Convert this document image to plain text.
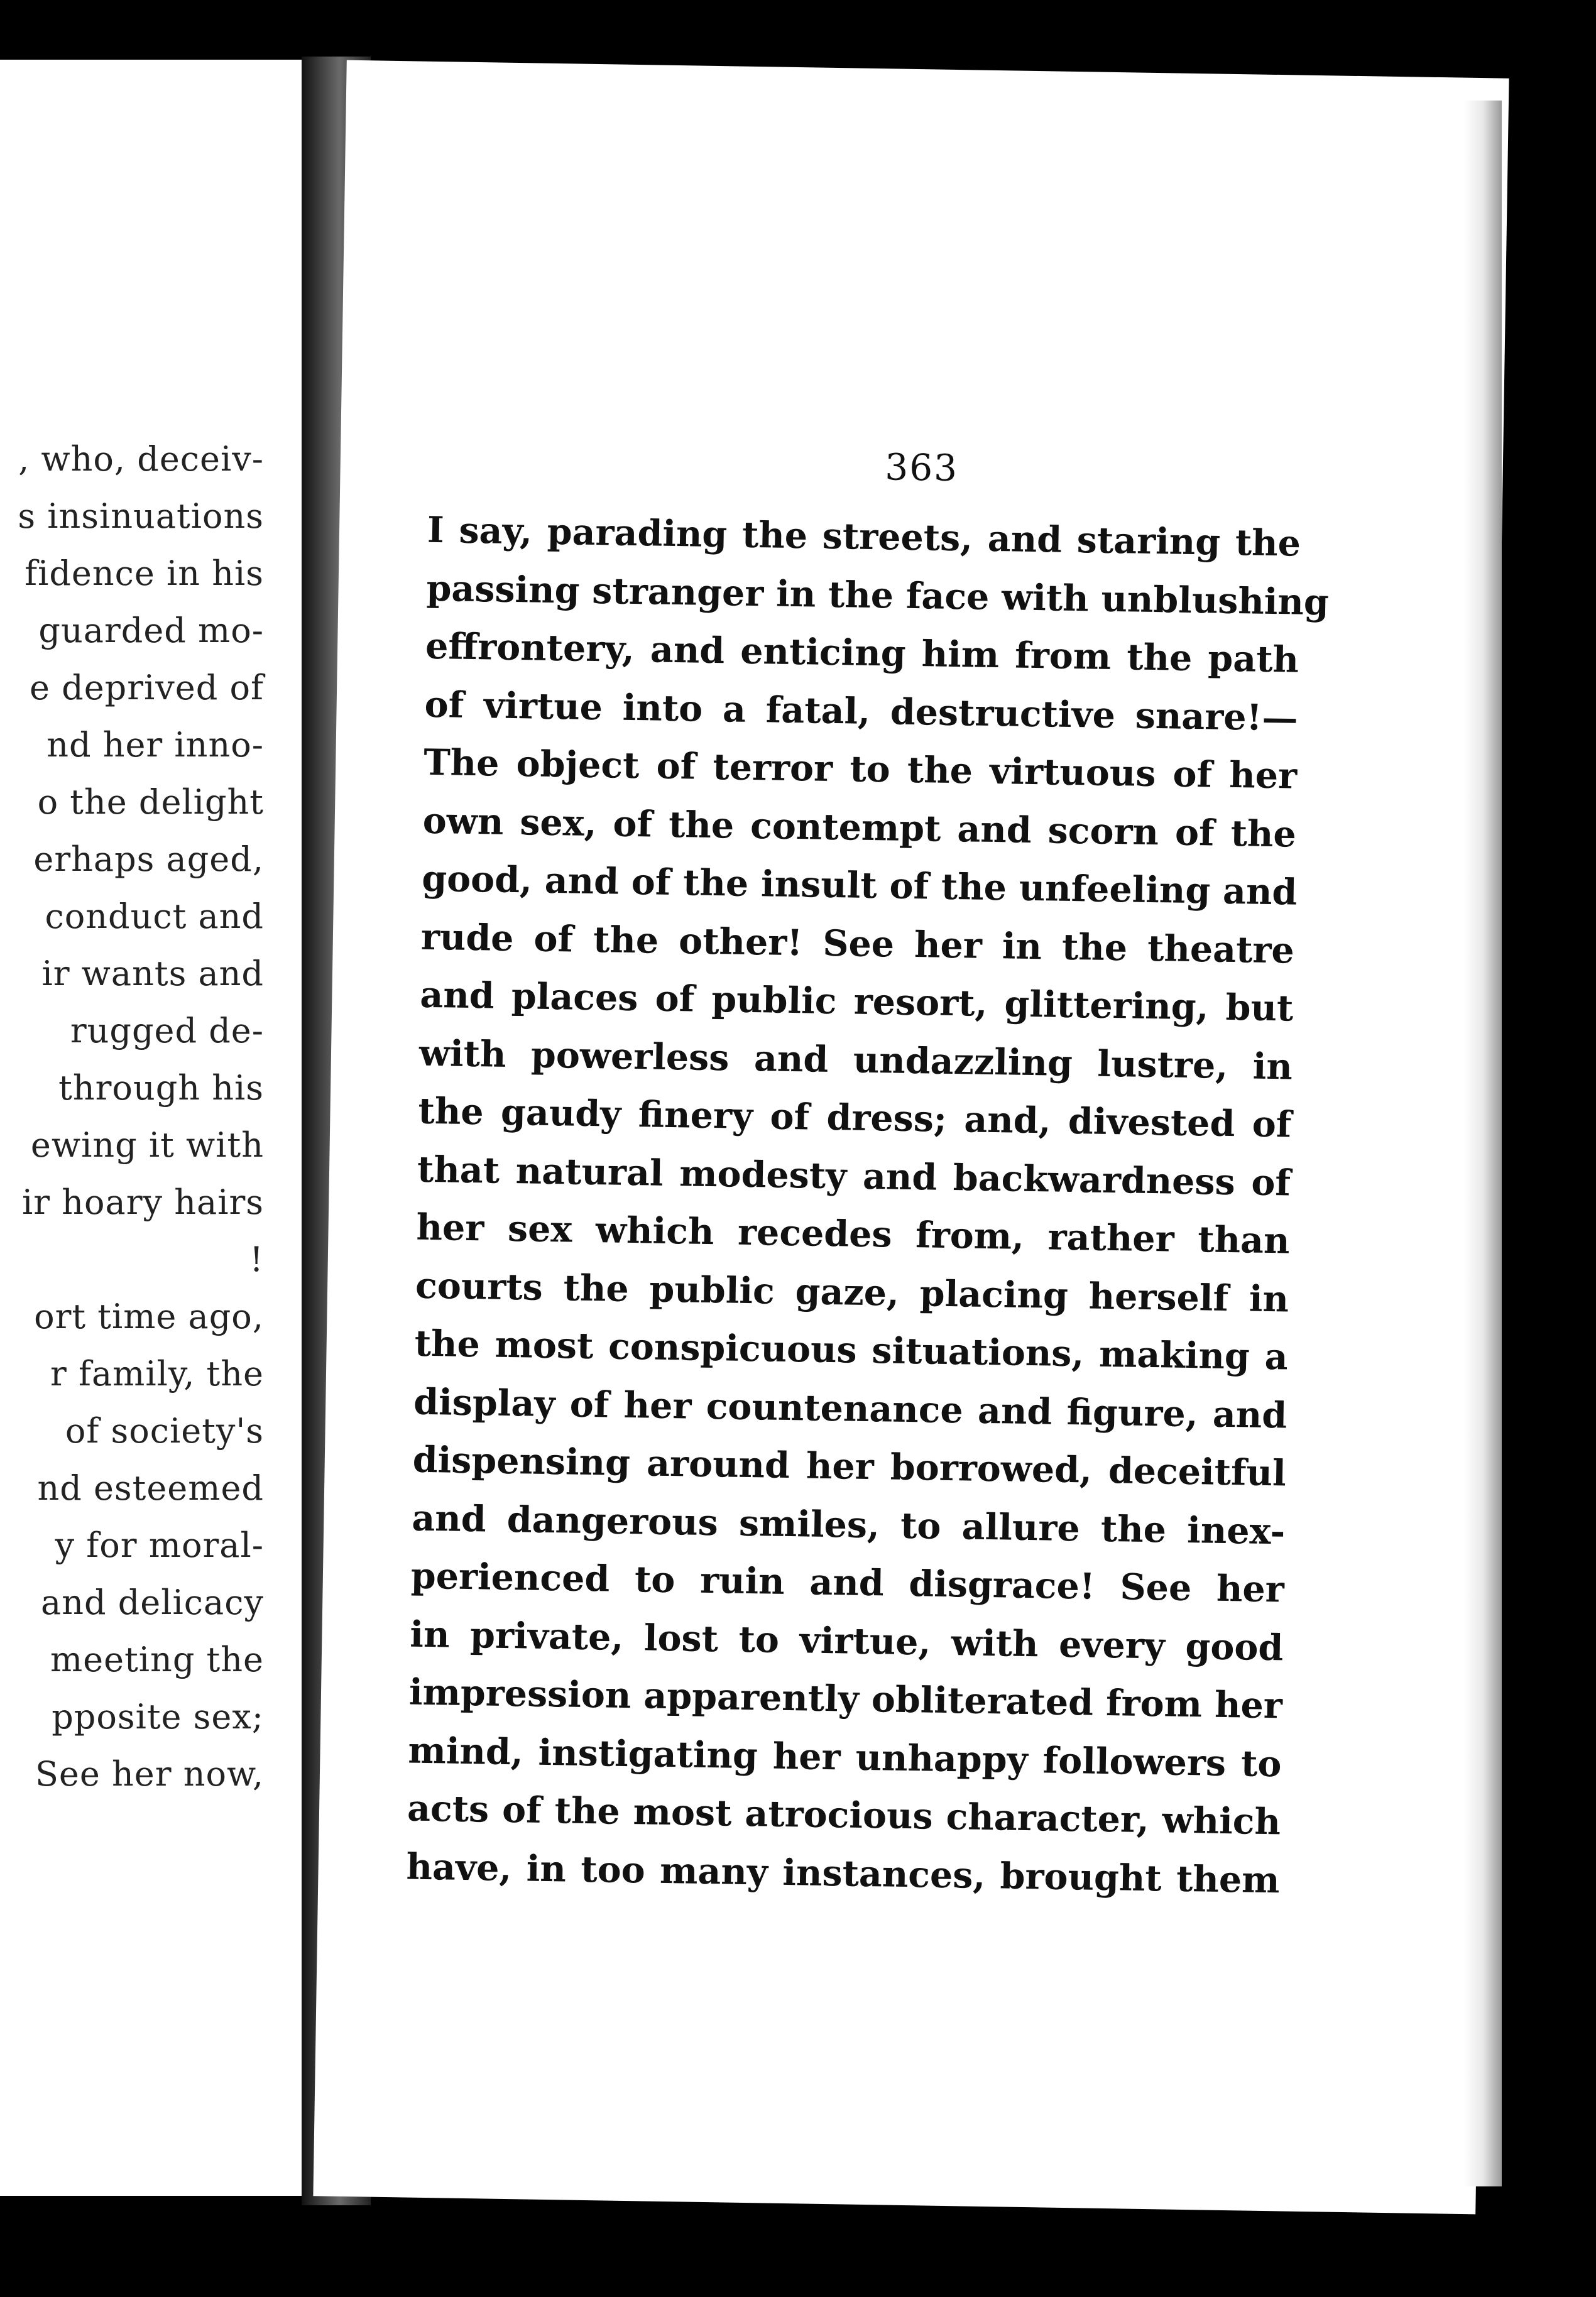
, who, deceiv-
s insinuations
fidence in his
guarded mo-
e deprived of
nd her inno-
o the delight
erhaps aged,
conduct and
ir wants and
rugged de-
through his
ewing it with
ir hoary hairs
!
ort time ago,
r family, the
of society's
nd esteemed
y for moral-
and delicacy
meeting the
pposite sex;
See her now,
363
I say, parading the streets, and staring the
passing stranger in the face with unblushing
effrontery, and enticing him from the path
of virtue into a fatal, destructive snare!—
The object of terror to the virtuous of her
own sex, of the contempt and scorn of the
good, and of the insult of the unfeeling and
rude of the other! See her in the theatre
and places of public resort, glittering, but
with powerless and undazzling lustre, in
the gaudy finery of dress; and, divested of
that natural modesty and backwardness of
her sex which recedes from, rather than
courts the public gaze, placing herself in
the most conspicuous situations, making a
display of her countenance and figure, and
dispensing around her borrowed, deceitful
and dangerous smiles, to allure the inex-
perienced to ruin and disgrace! See her
in private, lost to virtue, with every good
impression apparently obliterated from her
mind, instigating her unhappy followers to
acts of the most atrocious character, which
have, in too many instances, brought them
